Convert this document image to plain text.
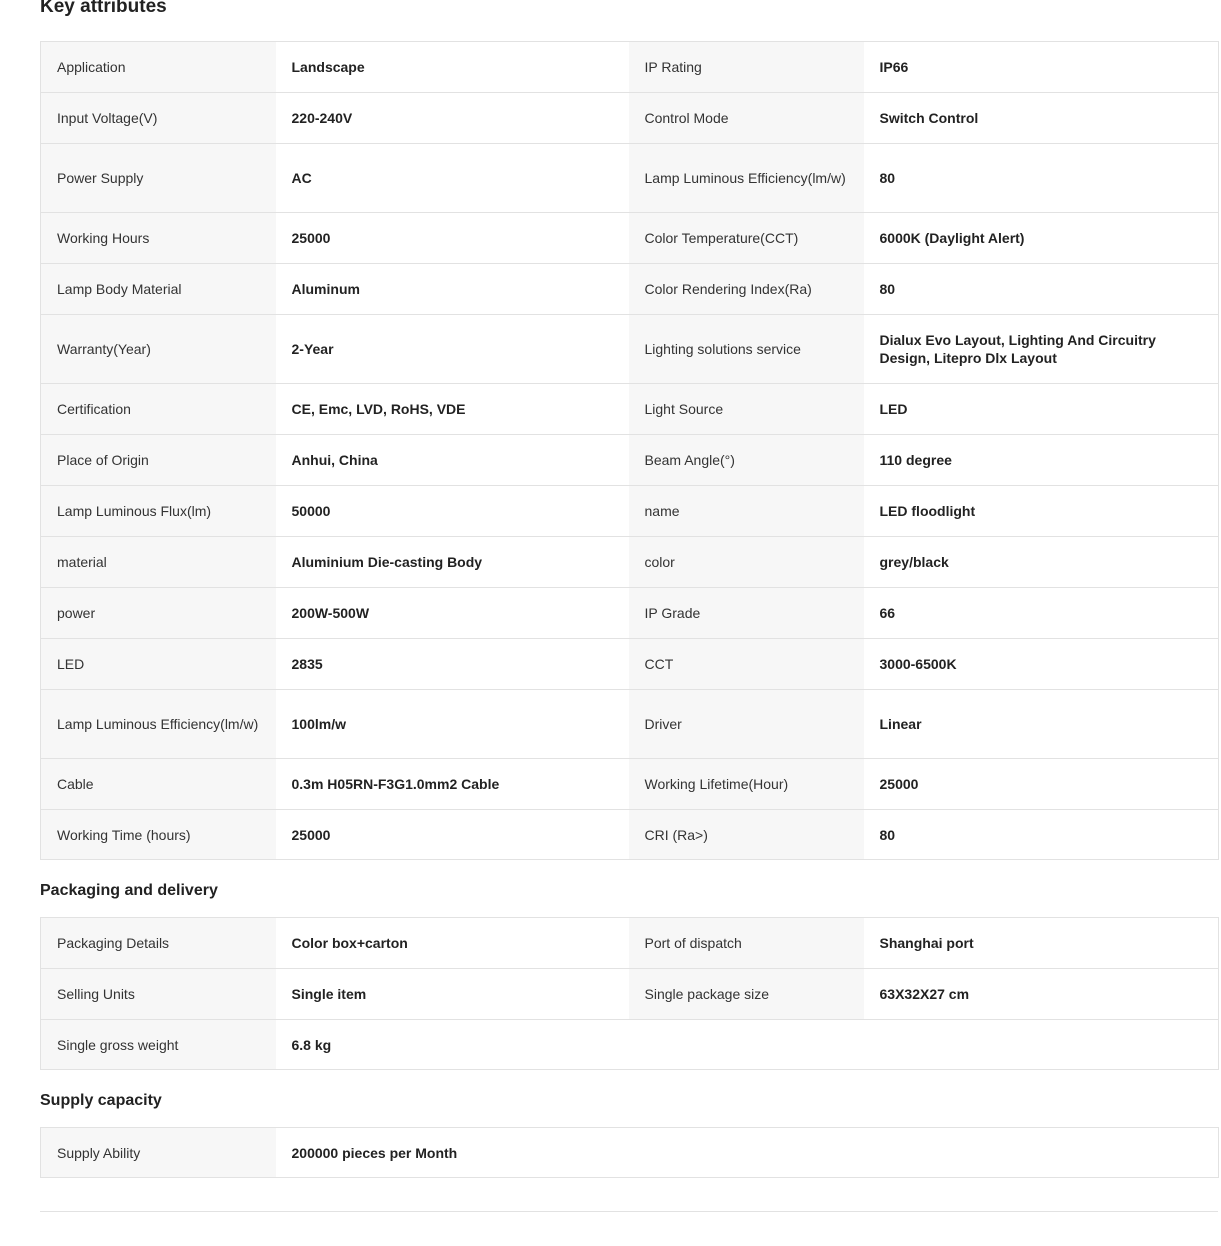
Key attributes
Application	Landscape	IP Rating	IP66
Input Voltage(V)	220-240V	Control Mode	Switch Control
Power Supply	AC	Lamp Luminous Efficiency(lm/w)	80
Working Hours	25000	Color Temperature(CCT)	6000K (Daylight Alert)
Lamp Body Material	Aluminum	Color Rendering Index(Ra)	80
Warranty(Year)	2-Year	Lighting solutions service	Dialux Evo Layout, Lighting And Circuitry Design, Litepro Dlx Layout
Certification	CE, Emc, LVD, RoHS, VDE	Light Source	LED
Place of Origin	Anhui, China	Beam Angle(°)	110 degree
Lamp Luminous Flux(lm)	50000	name	LED floodlight
material	Aluminium Die-casting Body	color	grey/black
power	200W-500W	IP Grade	66
LED	2835	CCT	3000-6500K
Lamp Luminous Efficiency(lm/w)	100lm/w	Driver	Linear
Cable	0.3m H05RN-F3G1.0mm2 Cable	Working Lifetime(Hour)	25000
Working Time (hours)	25000	CRI (Ra>)	80
Packaging and delivery
Packaging Details	Color box+carton	Port of dispatch	Shanghai port
Selling Units	Single item	Single package size	63X32X27 cm
Single gross weight	6.8 kg		
Supply capacity
Supply Ability	200000 pieces per Month
